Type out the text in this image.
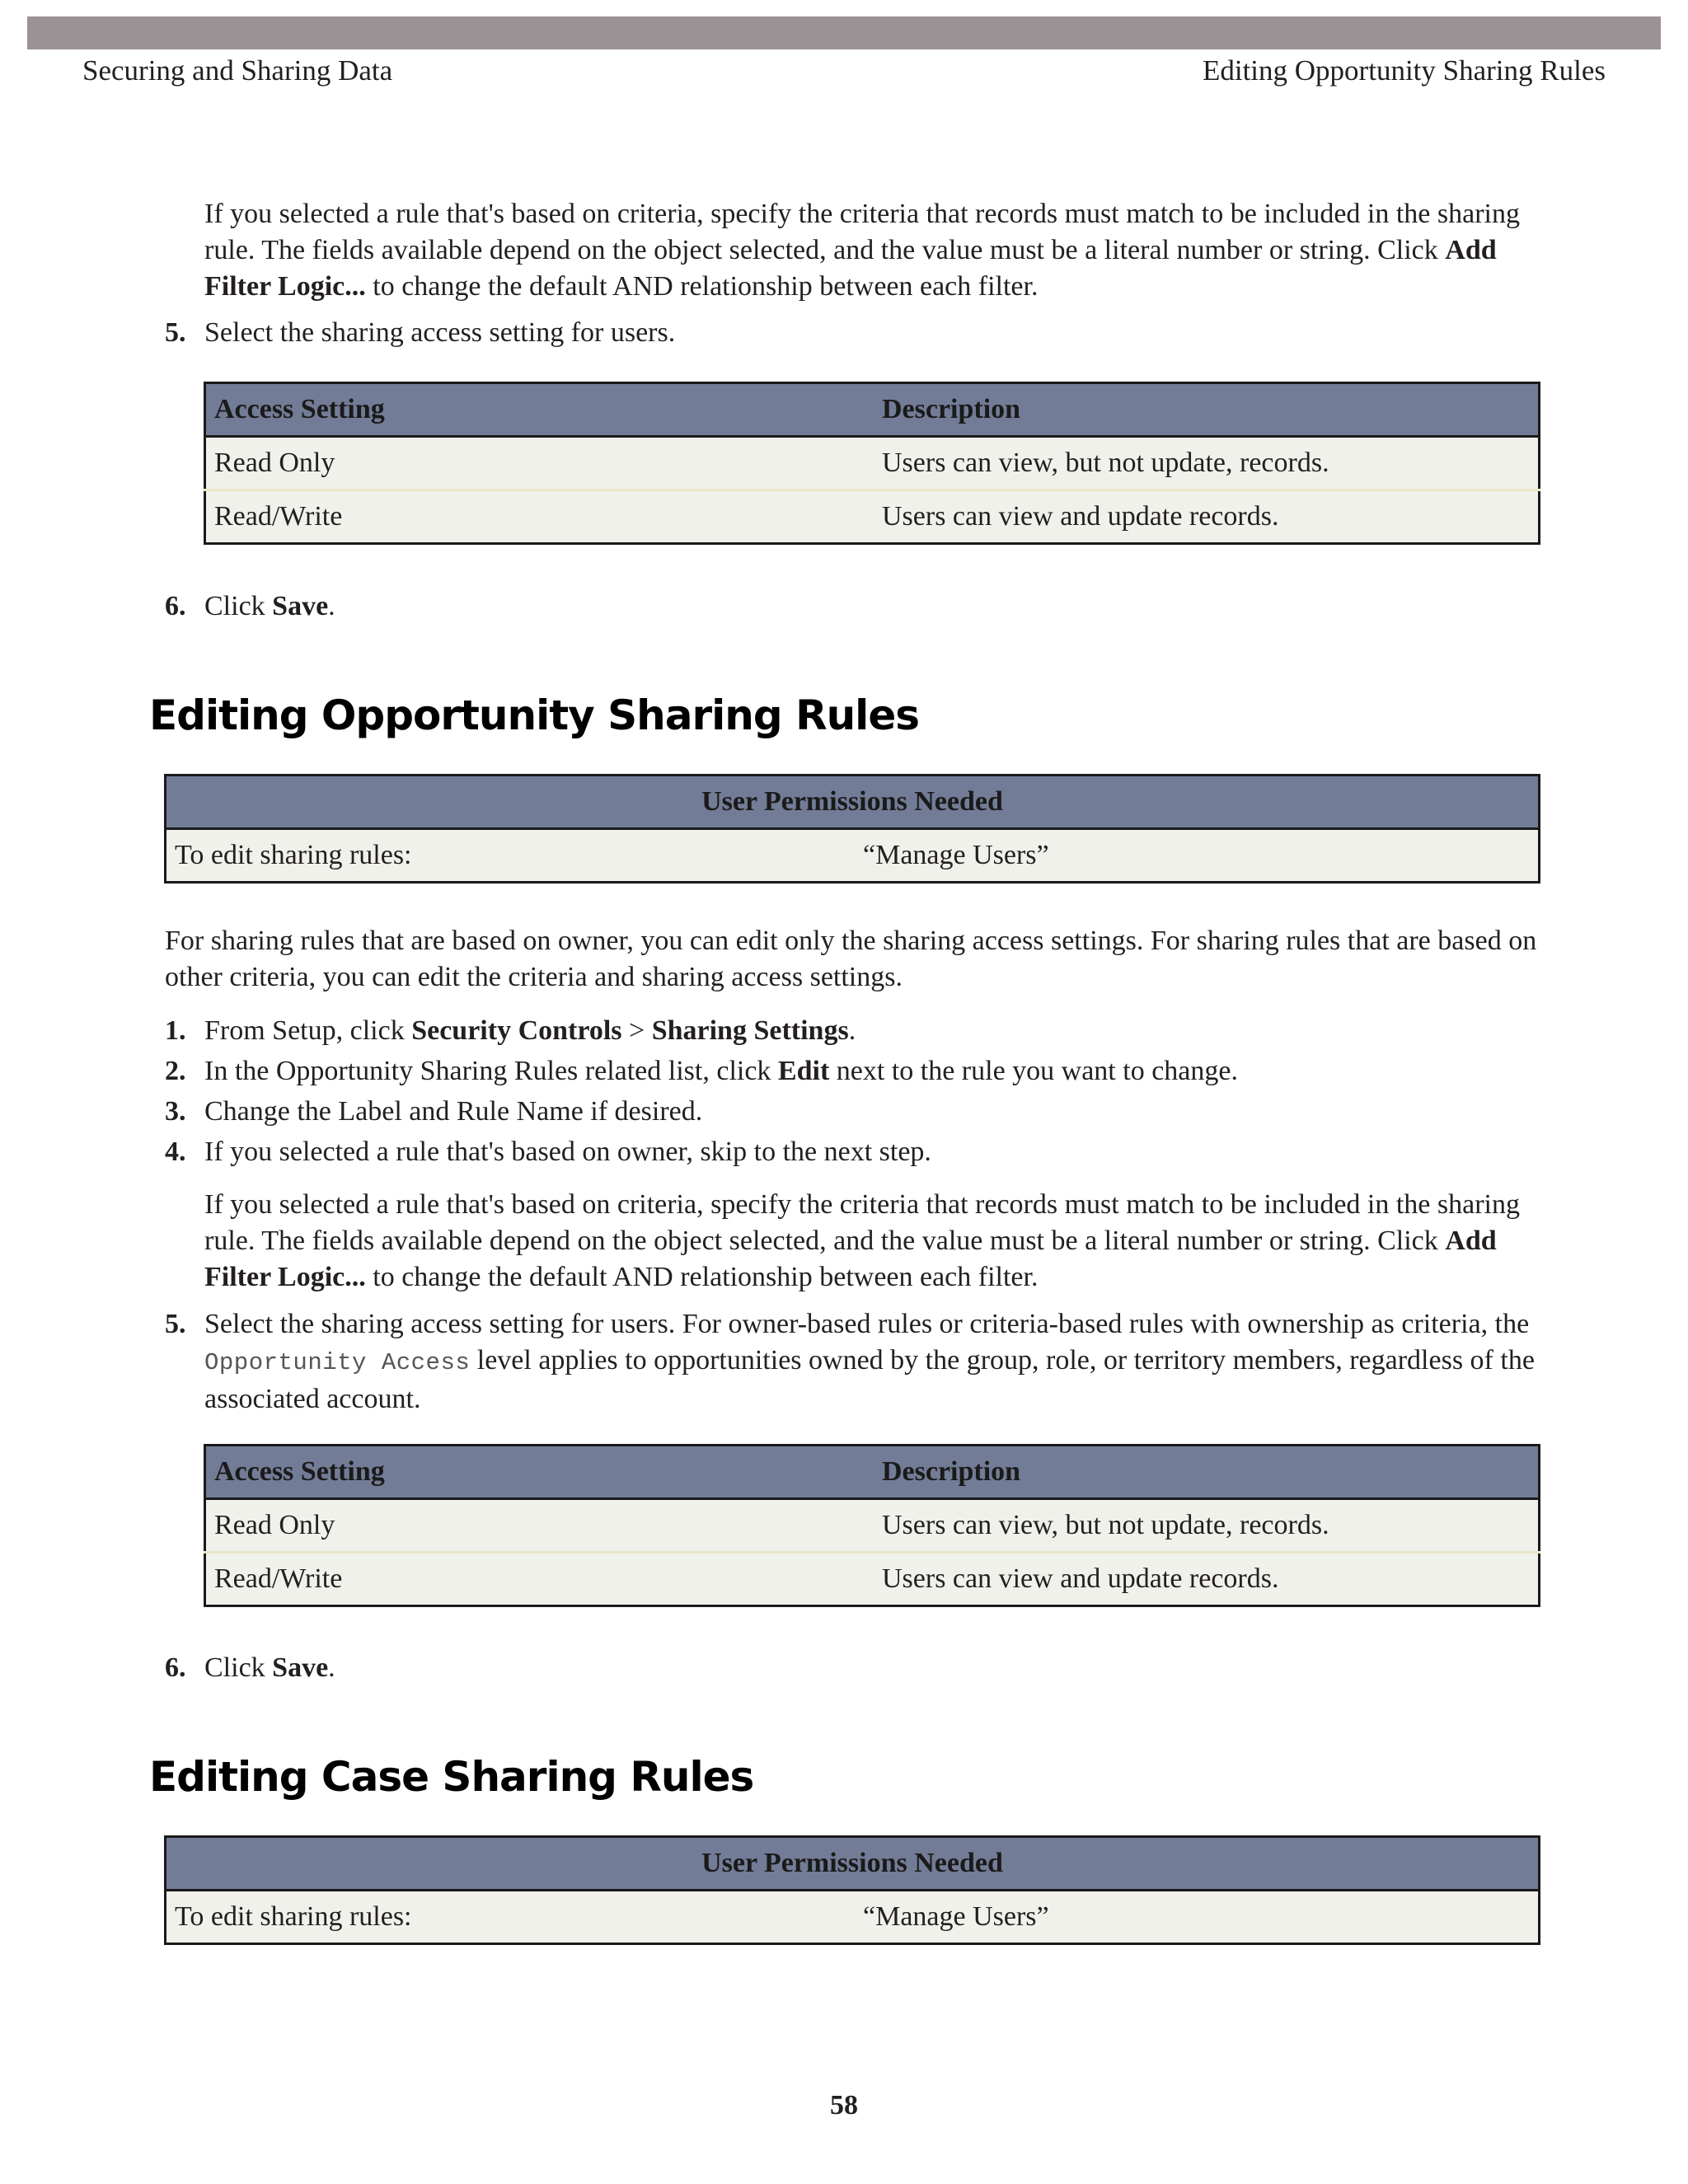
Securing and Sharing Data	Editing Opportunity Sharing Rules

If you selected a rule that's based on criteria, specify the criteria that records must match to be included in the sharing rule. The fields available depend on the object selected, and the value must be a literal number or string. Click Add Filter Logic... to change the default AND relationship between each filter.

5. Select the sharing access setting for users.
Access Setting	Description
Read Only	Users can view, but not update, records.
Read/Write	Users can view and update records.
6. Click Save.
Editing Opportunity Sharing Rules
User Permissions Needed
To edit sharing rules:	“Manage Users”

For sharing rules that are based on owner, you can edit only the sharing access settings. For sharing rules that are based on other criteria, you can edit the criteria and sharing access settings.

1. From Setup, click Security Controls > Sharing Settings.
2. In the Opportunity Sharing Rules related list, click Edit next to the rule you want to change.
3. Change the Label and Rule Name if desired.
4. If you selected a rule that's based on owner, skip to the next step.

If you selected a rule that's based on criteria, specify the criteria that records must match to be included in the sharing rule. The fields available depend on the object selected, and the value must be a literal number or string. Click Add Filter Logic... to change the default AND relationship between each filter.

5. Select the sharing access setting for users. For owner-based rules or criteria-based rules with ownership as criteria, the
Opportunity Access level applies to opportunities owned by the group, role, or territory members, regardless of the
associated account.

Access Setting	Description
Read Only	Users can view, but not update, records.
Read/Write	Users can view and update records.
6. Click Save.
Editing Case Sharing Rules
User Permissions Needed
To edit sharing rules:	“Manage Users”
58
